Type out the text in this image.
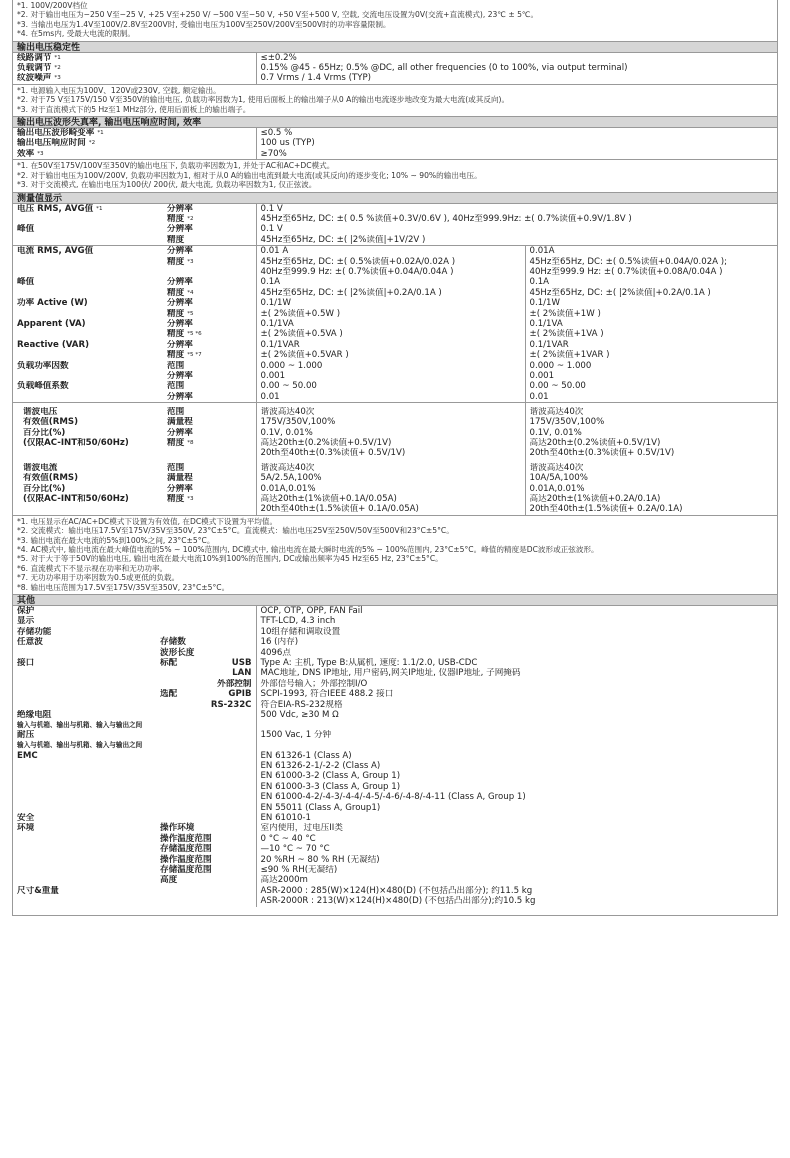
*1. 100V/200V档位
*2. 对于输出电压为−250 V至−25 V, +25 V至+250 V/ −500 V至−50 V, +50 V至+500 V, 空载, 交流电压设置为0V(交流+直流模式), 23℃ ± 5℃。
*3. 当输出电压为1.4V至100V/2.8V至200V时, 受输出电压为100V至250V/200V至500V时的功率容量限制。
*4. 在5ms内, 受最大电流的限制。
输出电压稳定性
线路调节 $^{*1}$	≤±0.2%
负载调节 $^{*2}$	0.15% @45 - 65Hz; 0.5% @DC, all other frequencies (0 to 100%, via output terminal)
纹波噪声 $^{*3}$	0.7 Vrms / 1.4 Vrms (TYP)
*1. 电源输入电压为100V、120V或230V, 空载, 额定输出。
*2. 对于75 V至175V/150 V至350V的输出电压, 负载功率因数为1, 使用后面板上的输出端子从0 A的输出电流逐步地改变为最大电流(或其反向)。
*3. 对于直流模式下的5 Hz至1 MHz部分, 使用后面板上的输出端子。
输出电压波形失真率, 输出电压响应时间, 效率
输出电压波形畸变率 $^{*1}$	≤0.5 %
输出电压响应时间 $^{*2}$	100 us (TYP)
效率 $^{*3}$	≥70%
*1. 在50V至175V/100V至350V的输出电压下, 负载功率因数为1, 并处于AC和AC+DC模式。
*2. 对于输出电压为100V/200V, 负载功率因数为1, 相对于从0 A的输出电流到最大电流(或其反向)的逐步变化; 10% ~ 90%的输出电压。
*3. 对于交流模式, 在输出电压为100伏/ 200伏, 最大电流, 负载功率因数为1, 仅正弦波。
测量值显示
电压 RMS, AVG值 $^{*1}$	分辨率	0.1 V
	精度 $^{*2}$	45Hz至65Hz, DC: ±( 0.5 %读值+0.3V/0.6V ), 40Hz至999.9Hz: ±( 0.7%读值+0.9V/1.8V )
峰值	分辨率	0.1 V
	精度	45Hz至65Hz, DC: ±( |2%读值|+1V/2V )
电流 RMS, AVG值	分辨率	0.01 A	0.01A
	精度 $^{*3}$	45Hz至65Hz, DC: ±( 0.5%读值+0.02A/0.02A )	45Hz至65Hz, DC: ±( 0.5%读值+0.04A/0.02A );
		40Hz至999.9 Hz: ±( 0.7%读值+0.04A/0.04A )	40Hz至999.9 Hz: ±( 0.7%读值+0.08A/0.04A )
峰值	分辨率	0.1A	0.1A
	精度 $^{*4}$	45Hz至65Hz, DC: ±( |2%读值|+0.2A/0.1A )	45Hz至65Hz, DC: ±( |2%读值|+0.2A/0.1A )
功率 Active (W)	分辨率	0.1/1W	0.1/1W
	精度 $^{*5}$	±( 2%读值+0.5W )	±( 2%读值+1W )
Apparent (VA)	分辨率	0.1/1VA	0.1/1VA
	精度 $^{*5 *6}$	±( 2%读值+0.5VA )	±( 2%读值+1VA )
Reactive (VAR)	分辨率	0.1/1VAR	0.1/1VAR
	精度 $^{*5 *7}$	±( 2%读值+0.5VAR )	±( 2%读值+1VAR )
负载功率因数	范围	0.000 ~ 1.000	0.000 ~ 1.000
	分辨率	0.001	0.001
负载峰值系数	范围	0.00 ~ 50.00	0.00 ~ 50.00
	分辨率	0.01	0.01

谐波电压	范围	谐波高达40次	谐波高达40次
有效值(RMS)	满量程	175V/350V,100%	175V/350V,100%
百分比(%)	分辨率	0.1V, 0.01%	0.1V, 0.01%
(仅限AC-INT和50/60Hz)	精度 $^{*8}$	高达20th±(0.2%读值+0.5V/1V)	高达20th±(0.2%读值+0.5V/1V)
		20th至40th±(0.3%读值+ 0.5V/1V)	20th至40th±(0.3%读值+ 0.5V/1V)

谐波电流	范围	谐波高达40次	谐波高达40次
有效值(RMS)	满量程	5A/2.5A,100%	10A/5A,100%
百分比(%)	分辨率	0.01A,0.01%	0.01A,0.01%
(仅限AC-INT和50/60Hz)	精度 $^{*3}$	高达20th±(1%读值+0.1A/0.05A)	高达20th±(1%读值+0.2A/0.1A)
		20th至40th±(1.5%读值+ 0.1A/0.05A)	20th至40th±(1.5%读值+ 0.2A/0.1A)
*1. 电压显示在AC/AC+DC模式下设置为有效值, 在DC模式下设置为平均值。
*2. 交流模式：输出电压17.5V至175V/35V至350V, 23°C±5°C。直流模式：输出电压25V至250V/50V至500V和23°C±5°C。
*3. 输出电流在最大电流的5%到100%之间, 23°C±5°C。
*4. AC模式中, 输出电流在最大峰值电流的5% ~ 100%范围内, DC模式中, 输出电流在最大瞬时电流的5% ~ 100%范围内, 23°C±5°C。峰值的精度是DC波形或正弦波形。
*5. 对于大于等于50V的输出电压, 输出电流在最大电流10%到100%的范围内, DC或输出频率为45 Hz至65 Hz, 23°C±5°C。
*6. 直流模式下不显示视在功率和无功功率。
*7. 无功功率用于功率因数为0.5或更低的负载。
*8. 输出电压范围为17.5V至175V/35V至350V, 23°C±5°C。
其他
保护			OCP, OTP, OPP, FAN Fail
显示			TFT-LCD, 4.3 inch
存储功能			10组存储和调取设置
任意波	存储数		16 (内存)
	波形长度		4096点
接口	标配	USB	Type A: 主机, Type B:从属机, 速度: 1.1/2.0, USB-CDC
		LAN	MAC地址, DNS IP地址, 用户密码,网关IP地址, 仪器IP地址, 子网掩码
		外部控制	外部信号输入；外部控制I/O
	选配	GPIB	SCPI-1993, 符合IEEE 488.2 接口
		RS-232C	符合EIA-RS-232规格
绝缘电阻			500 Vdc, ≥30 M Ω
输入与机箱、输出与机箱、输入与输出之间			
耐压			1500 Vac, 1 分钟
输入与机箱、输出与机箱、输入与输出之间			
EMC			EN 61326-1 (Class A)
			EN 61326-2-1/-2-2 (Class A)
			EN 61000-3-2 (Class A, Group 1)
			EN 61000-3-3 (Class A, Group 1)
			EN 61000-4-2/-4-3/-4-4/-4-5/-4-6/-4-8/-4-11 (Class A, Group 1)
			EN 55011 (Class A, Group1)
安全			EN 61010-1
环境	操作环境		室内使用，过电压II类
	操作温度范围		0 °C ~ 40 °C
	存储温度范围		—10 °C ~ 70 °C
	操作温度范围		20 %RH ~ 80 % RH (无凝结)
	存储温度范围		≤90 % RH(无凝结)
	高度		高达2000m
尺寸&重量			ASR-2000 : 285(W)×124(H)×480(D) (不包括凸出部分); 约11.5 kg
			ASR-2000R : 213(W)×124(H)×480(D) (不包括凸出部分);约10.5 kg
